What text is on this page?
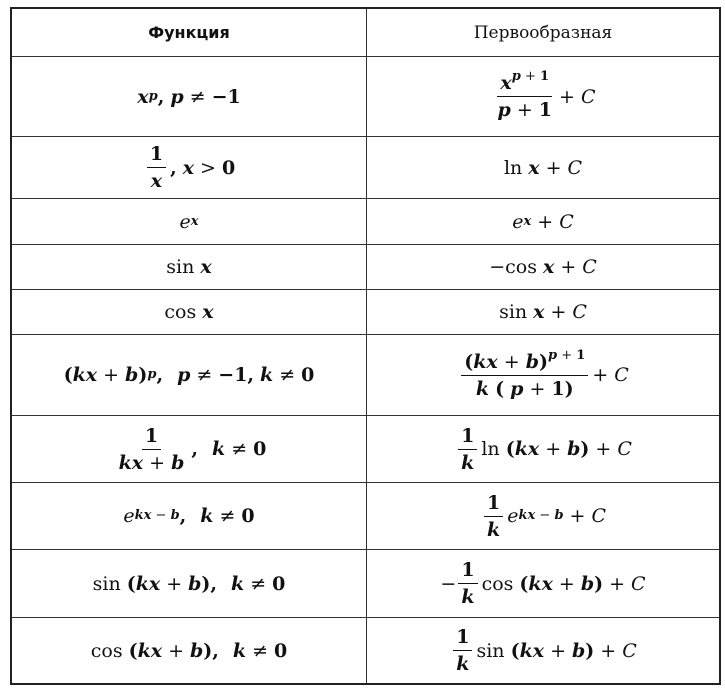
Функция	Первообразная
x p , p ≠ −1	$\frac{x^{p + 1}}{p + 1} + C$
$\frac{1}{x}$ , x > 0	ln x + C
e x	e x + C
sin x	− cos x + C
cos x	sin x + C
( k x + b ) p , p ≠ −1 , k ≠ 0	$\frac{(kx + b)^{p + 1}}{k ( p + 1)} + C$
$\frac{1}{kx + b}$ , k ≠ 0	$\frac{1}{k}$ ln ( k x + b ) + C
e kx − b , k ≠ 0	$\frac{1}{k}$ e kx − b + C
sin ( k x + b ) , k ≠ 0	− $\frac{1}{k}$ cos ( k x + b ) + C
cos ( k x + b ) , k ≠ 0	$\frac{1}{k}$ sin ( k x + b ) + C
